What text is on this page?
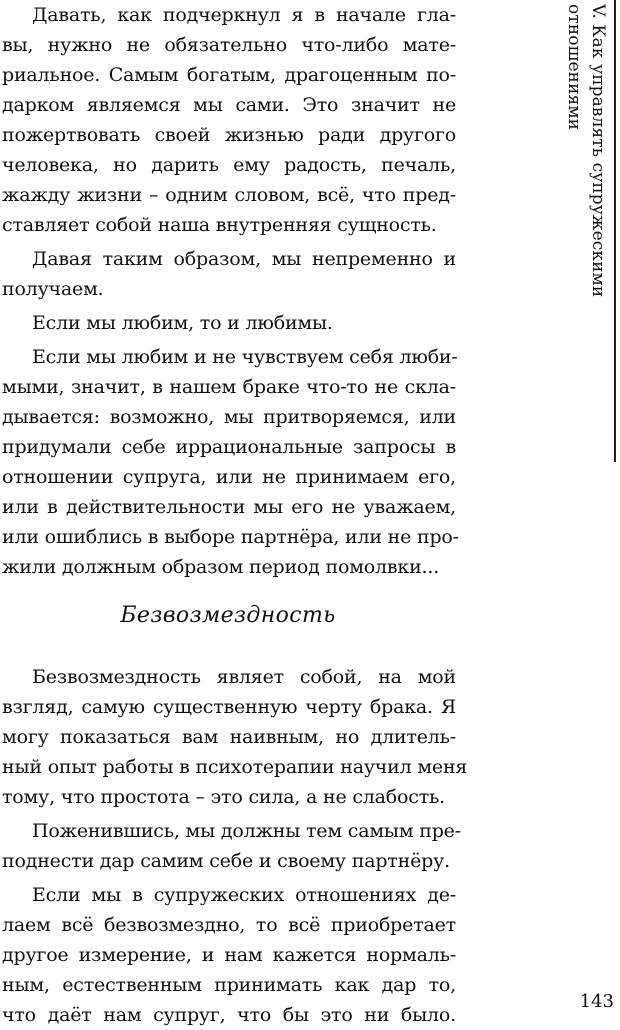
Давать, как подчеркнул я в начале гла-
вы, нужно не обязательно что-либо мате-
риальное. Самым богатым, драгоценным по-
дарком являемся мы сами. Это значит не
пожертвовать своей жизнью ради другого
человека, но дарить ему радость, печаль,
жажду жизни – одним словом, всё, что пред-
ставляет собой наша внутренняя сущность.
Давая таким образом, мы непременно и
получаем.
Если мы любим, то и любимы.
Если мы любим и не чувствуем себя люби-
мыми, значит, в нашем браке что-то не скла-
дывается: возможно, мы притворяемся, или
придумали себе иррациональные запросы в
отношении супруга, или не принимаем его,
или в действительности мы его не уважаем,
или ошиблись в выборе партнёра, или не про-
жили должным образом период помолвки...
Безвозмездность
Безвозмездность являет собой, на мой
взгляд, самую существенную черту брака. Я
могу показаться вам наивным, но длитель-
ный опыт работы в психотерапии научил меня
тому, что простота – это сила, а не слабость.
Поженившись, мы должны тем самым пре-
поднести дар самим себе и своему партнёру.
Если мы в супружеских отношениях де-
лаем всё безвозмездно, то всё приобретает
V. Как управлять супружескими отношениями
143
другое измерение, и нам кажется нормаль-
ным, естественным принимать как дар то,
что даёт нам супруг, что бы это ни было.
